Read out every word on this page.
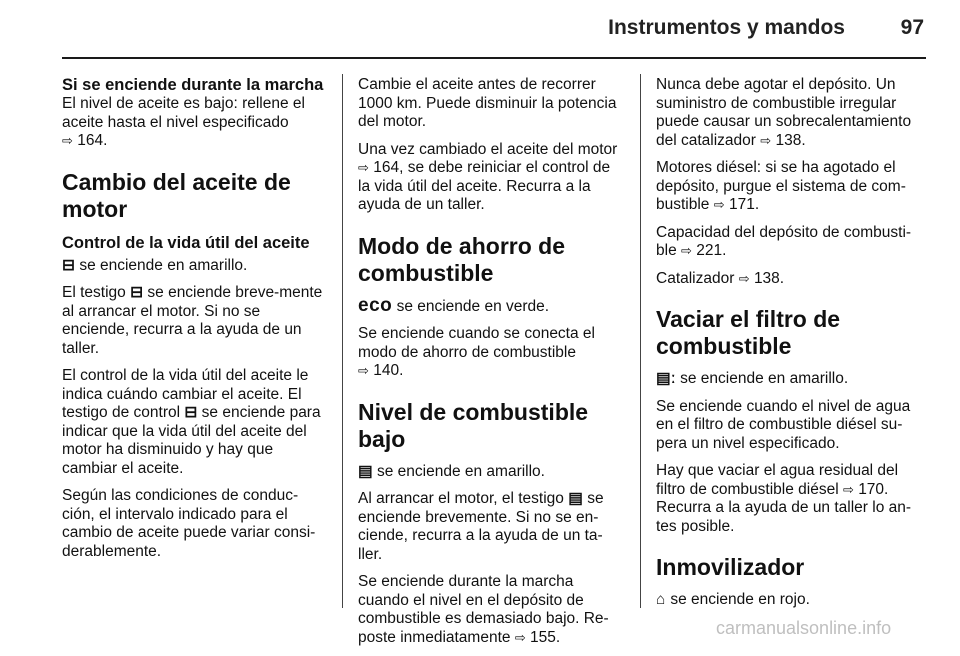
Instrumentos y mandos	97
Si se enciende durante la marcha

El nivel de aceite es bajo: rellene el aceite hasta el nivel especificado
⇨ 164.

Cambio del aceite de motor
Control de la vida útil del aceite

⊟ se enciende en amarillo.

El testigo ⊟ se enciende breve-mente al arrancar el motor. Si no se enciende, recurra a la ayuda de un taller.

El control de la vida útil del aceite le indica cuándo cambiar el aceite. El testigo de control ⊟ se enciende para indicar que la vida útil del aceite del motor ha disminuido y hay que cambiar el aceite.

Según las condiciones de conduc-ción, el intervalo indicado para el cambio de aceite puede variar consi-derablemente.

Cambie el aceite antes de recorrer 1000 km. Puede disminuir la potencia del motor.

Una vez cambiado el aceite del motor ⇨ 164, se debe reiniciar el control de la vida útil del aceite. Recurra a la ayuda de un taller.

Modo de ahorro de combustible

eco se enciende en verde.

Se enciende cuando se conecta el modo de ahorro de combustible
⇨ 140.

Nivel de combustible bajo

▤ se enciende en amarillo.

Al arrancar el motor, el testigo ▤ se enciende brevemente. Si no se en-ciende, recurra a la ayuda de un ta-ller.

Se enciende durante la marcha cuando el nivel en el depósito de combustible es demasiado bajo. Re-poste inmediatamente ⇨ 155.

Nunca debe agotar el depósito. Un suministro de combustible irregular puede causar un sobrecalentamiento del catalizador ⇨ 138.

Motores diésel: si se ha agotado el depósito, purgue el sistema de com-bustible ⇨ 171.

Capacidad del depósito de combusti-ble ⇨ 221.

Catalizador ⇨ 138.

Vaciar el filtro de combustible

▤ː se enciende en amarillo.

Se enciende cuando el nivel de agua en el filtro de combustible diésel su-pera un nivel especificado.

Hay que vaciar el agua residual del filtro de combustible diésel ⇨ 170. Recurra a la ayuda de un taller lo an-tes posible.

Inmovilizador

⌂ se enciende en rojo.

carmanualsonline.info
